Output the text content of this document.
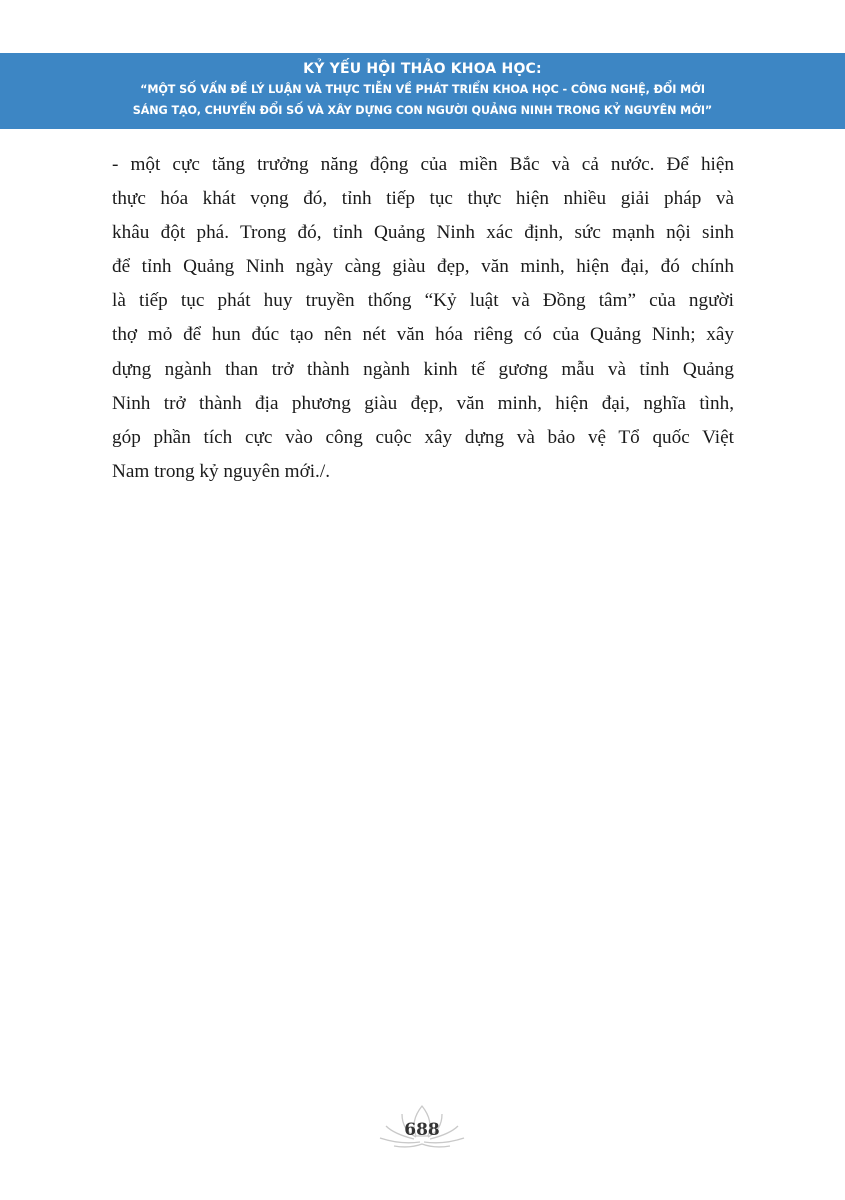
KỶ YẾU HỘI THẢO KHOA HỌC:
“MỘT SỐ VẤN ĐỀ LÝ LUẬN VÀ THỰC TIỄN VỀ PHÁT TRIỂN KHOA HỌC - CÔNG NGHỆ, ĐỔI MỚI
SÁNG TẠO, CHUYỂN ĐỔI SỐ VÀ XÂY DỰNG CON NGƯỜI QUẢNG NINH TRONG KỶ NGUYÊN MỚI”
- một cực tăng trưởng năng động của miền Bắc và cả nước. Để hiện
thực hóa khát vọng đó, tỉnh tiếp tục thực hiện nhiều giải pháp và
khâu đột phá. Trong đó, tỉnh Quảng Ninh xác định, sức mạnh nội sinh
để tỉnh Quảng Ninh ngày càng giàu đẹp, văn minh, hiện đại, đó chính
là tiếp tục phát huy truyền thống “Kỷ luật và Đồng tâm” của người
thợ mỏ để hun đúc tạo nên nét văn hóa riêng có của Quảng Ninh; xây
dựng ngành than trở thành ngành kinh tế gương mẫu và tỉnh Quảng
Ninh trở thành địa phương giàu đẹp, văn minh, hiện đại, nghĩa tình,
góp phần tích cực vào công cuộc xây dựng và bảo vệ Tổ quốc Việt
Nam trong kỷ nguyên mới./.
688
